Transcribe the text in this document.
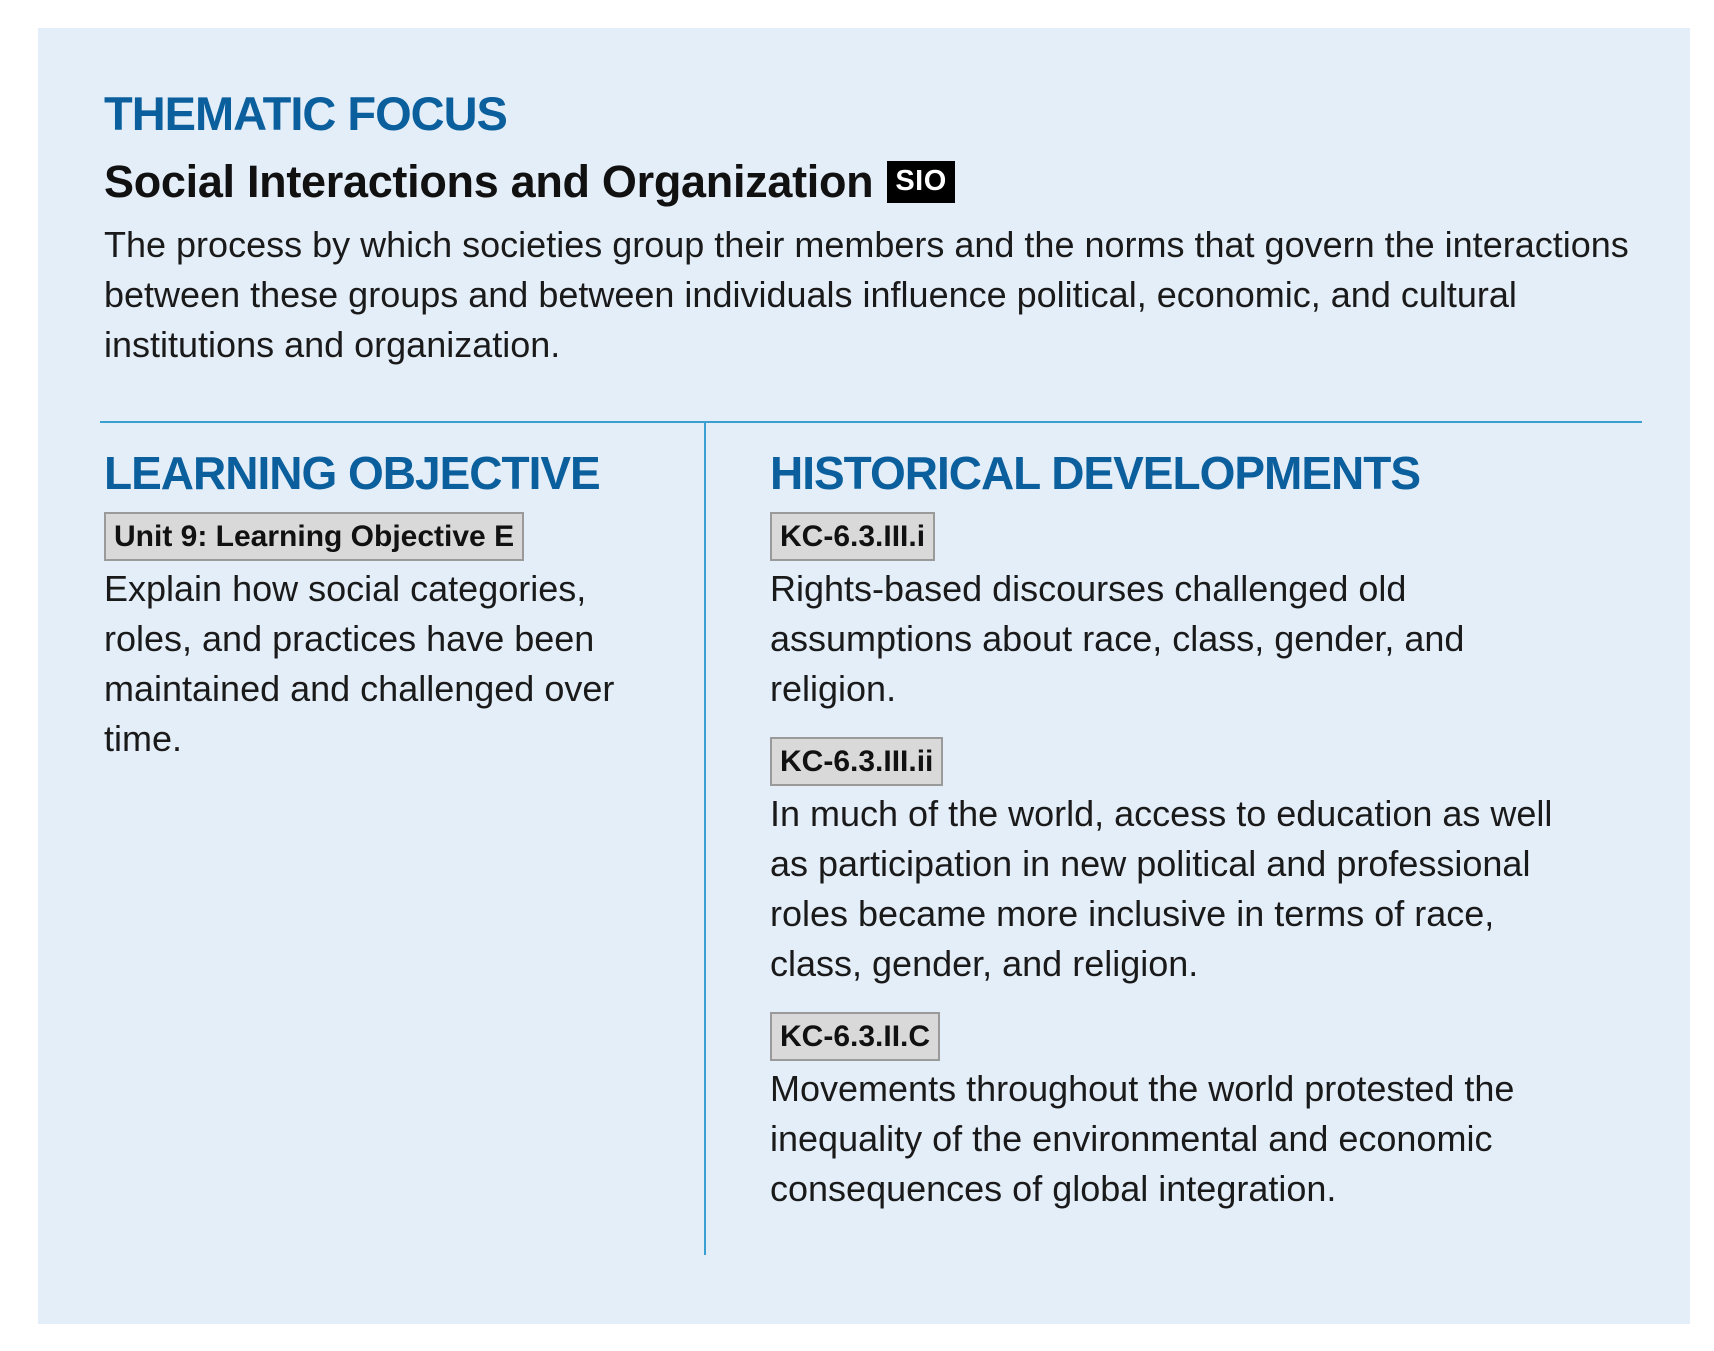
THEMATIC FOCUS
Social Interactions and Organization SIO

The process by which societies group their members and the norms that govern the interactions between these groups and between individuals influence political, economic, and cultural institutions and organization.

LEARNING OBJECTIVE
Unit 9: Learning Objective E

Explain how social categories, roles, and practices have been maintained and challenged over time.

HISTORICAL DEVELOPMENTS
KC-6.3.III.i

Rights-based discourses challenged old assumptions about race, class, gender, and religion.

KC-6.3.III.ii

In much of the world, access to education as well as participation in new political and professional roles became more inclusive in terms of race, class, gender, and religion.

KC-6.3.II.C

Movements throughout the world protested the inequality of the environmental and economic consequences of global integration.
